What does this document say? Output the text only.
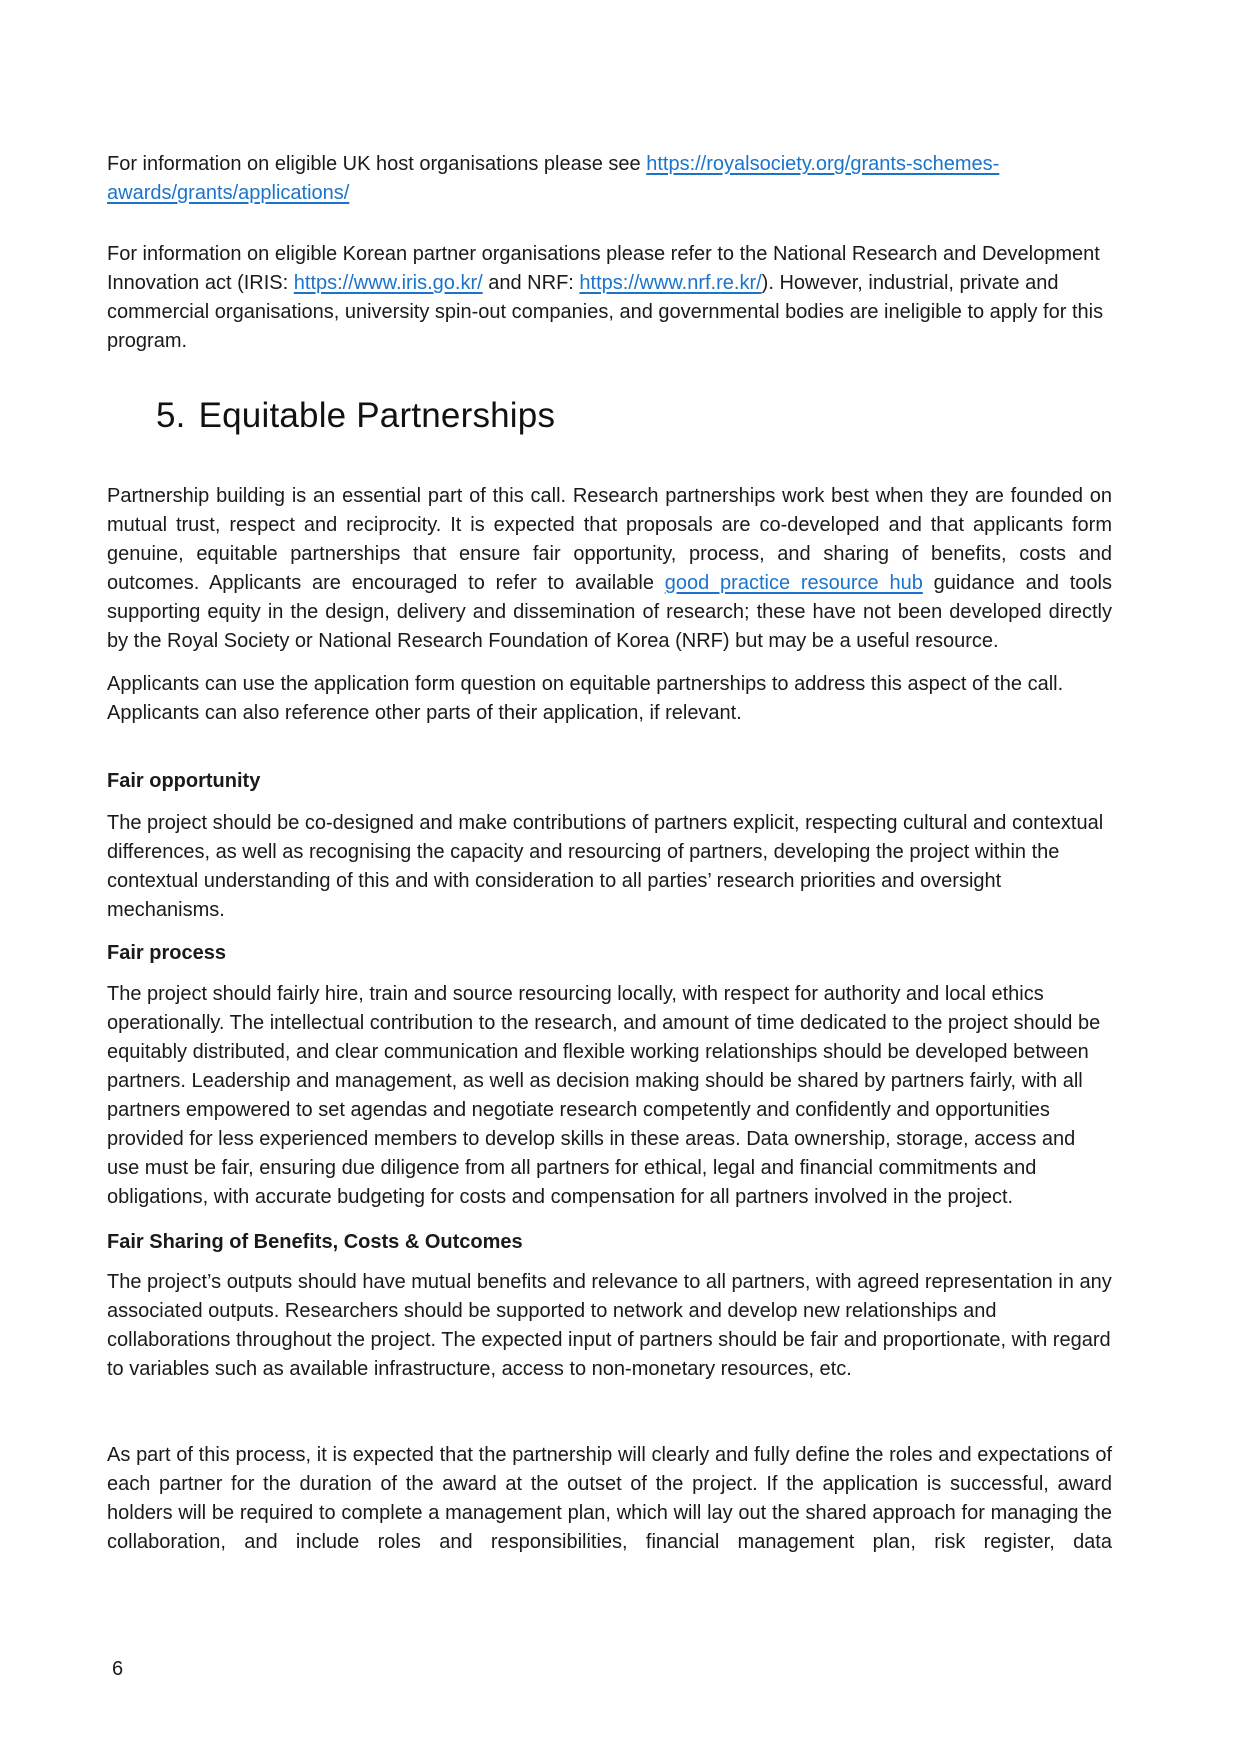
For information on eligible UK host organisations please see https://royalsociety.org/grants-schemes-awards/grants/applications/

For information on eligible Korean partner organisations please refer to the National Research and Development Innovation act (IRIS: https://www.iris.go.kr/ and NRF: https://www.nrf.re.kr/). However, industrial, private and commercial organisations, university spin-out companies, and governmental bodies are ineligible to apply for this program.

5. Equitable Partnerships

Partnership building is an essential part of this call. Research partnerships work best when they are founded on mutual trust, respect and reciprocity. It is expected that proposals are co-developed and that applicants form genuine, equitable partnerships that ensure fair opportunity, process, and sharing of benefits, costs and outcomes. Applicants are encouraged to refer to available good practice resource hub guidance and tools supporting equity in the design, delivery and dissemination of research; these have not been developed directly by the Royal Society or National Research Foundation of Korea (NRF) but may be a useful resource.

Applicants can use the application form question on equitable partnerships to address this aspect of the call. Applicants can also reference other parts of their application, if relevant.

Fair opportunity

The project should be co-designed and make contributions of partners explicit, respecting cultural and contextual differences, as well as recognising the capacity and resourcing of partners, developing the project within the contextual understanding of this and with consideration to all parties’ research priorities and oversight mechanisms.

Fair process

The project should fairly hire, train and source resourcing locally, with respect for authority and local ethics operationally. The intellectual contribution to the research, and amount of time dedicated to the project should be equitably distributed, and clear communication and flexible working relationships should be developed between partners. Leadership and management, as well as decision making should be shared by partners fairly, with all partners empowered to set agendas and negotiate research competently and confidently and opportunities provided for less experienced members to develop skills in these areas. Data ownership, storage, access and use must be fair, ensuring due diligence from all partners for ethical, legal and financial commitments and obligations, with accurate budgeting for costs and compensation for all partners involved in the project.

Fair Sharing of Benefits, Costs & Outcomes

The project’s outputs should have mutual benefits and relevance to all partners, with agreed representation in any associated outputs. Researchers should be supported to network and develop new relationships and collaborations throughout the project. The expected input of partners should be fair and proportionate, with regard to variables such as available infrastructure, access to non-monetary resources, etc.

As part of this process, it is expected that the partnership will clearly and fully define the roles and expectations of each partner for the duration of the award at the outset of the project. If the application is successful, award holders will be required to complete a management plan, which will lay out the shared approach for managing the collaboration, and include roles and responsibilities, financial management plan, risk register, data

6
